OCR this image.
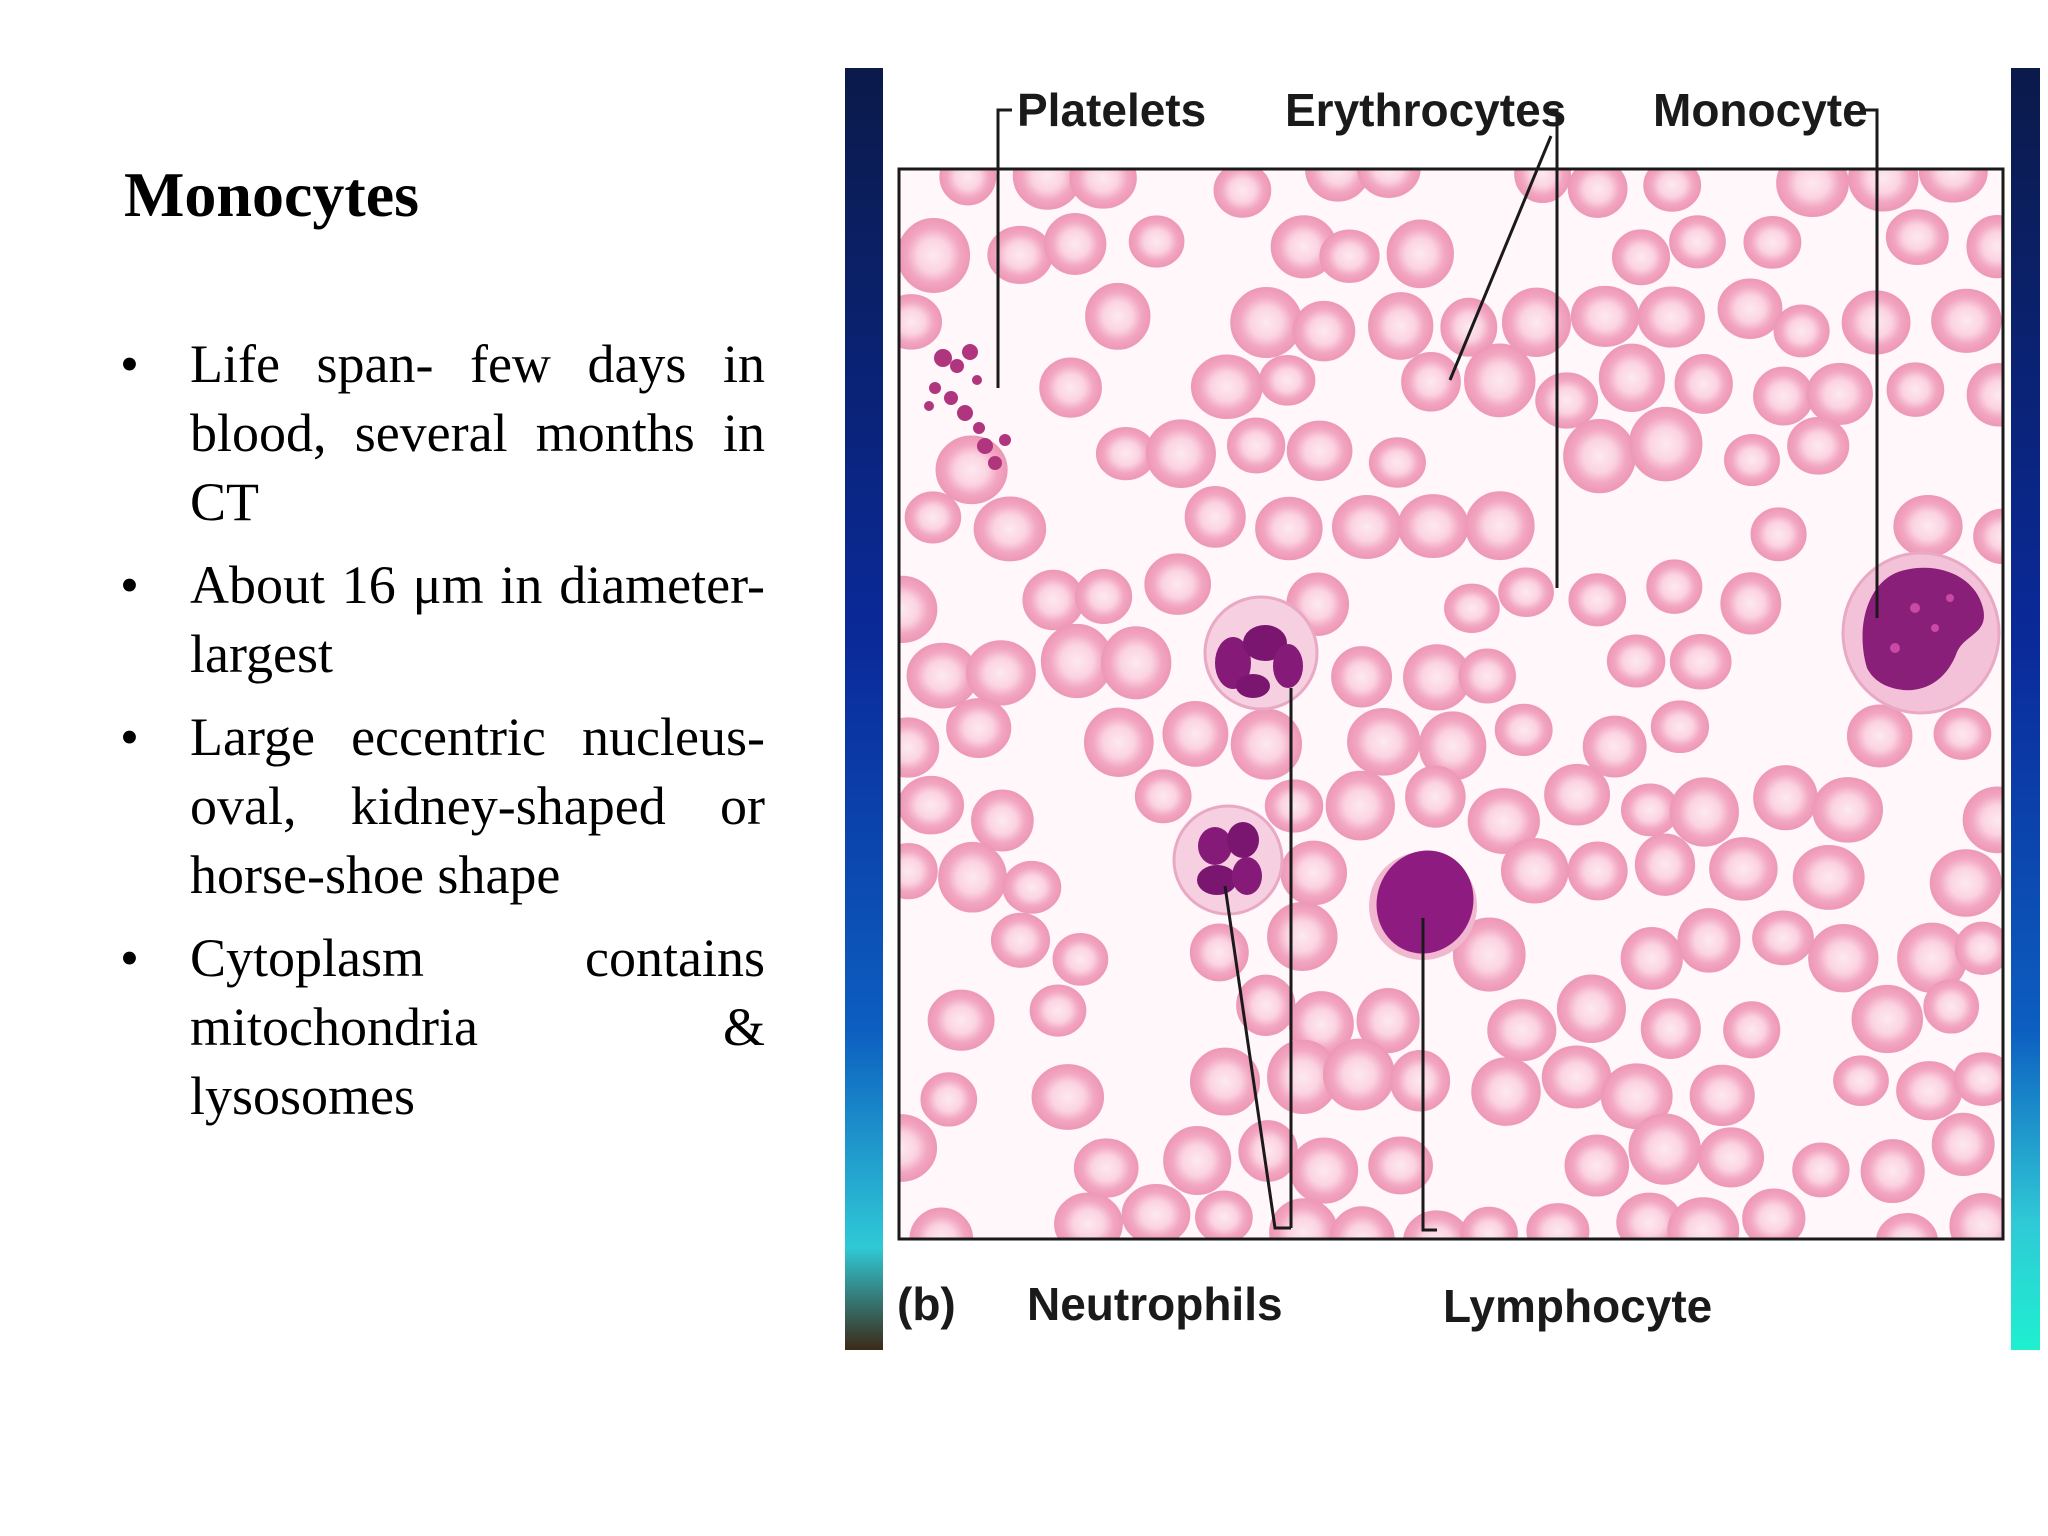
Monocytes
• Life span- few days in blood, several months in CT
• About 16 μm in diameter-largest
• Large eccentric nucleus- oval, kidney-shaped or horse-shoe shape
• Cytoplasm contains mitochondria & lysosomes
Platelets Erythrocytes Monocyte
(b) Neutrophils	Lymphocyte
